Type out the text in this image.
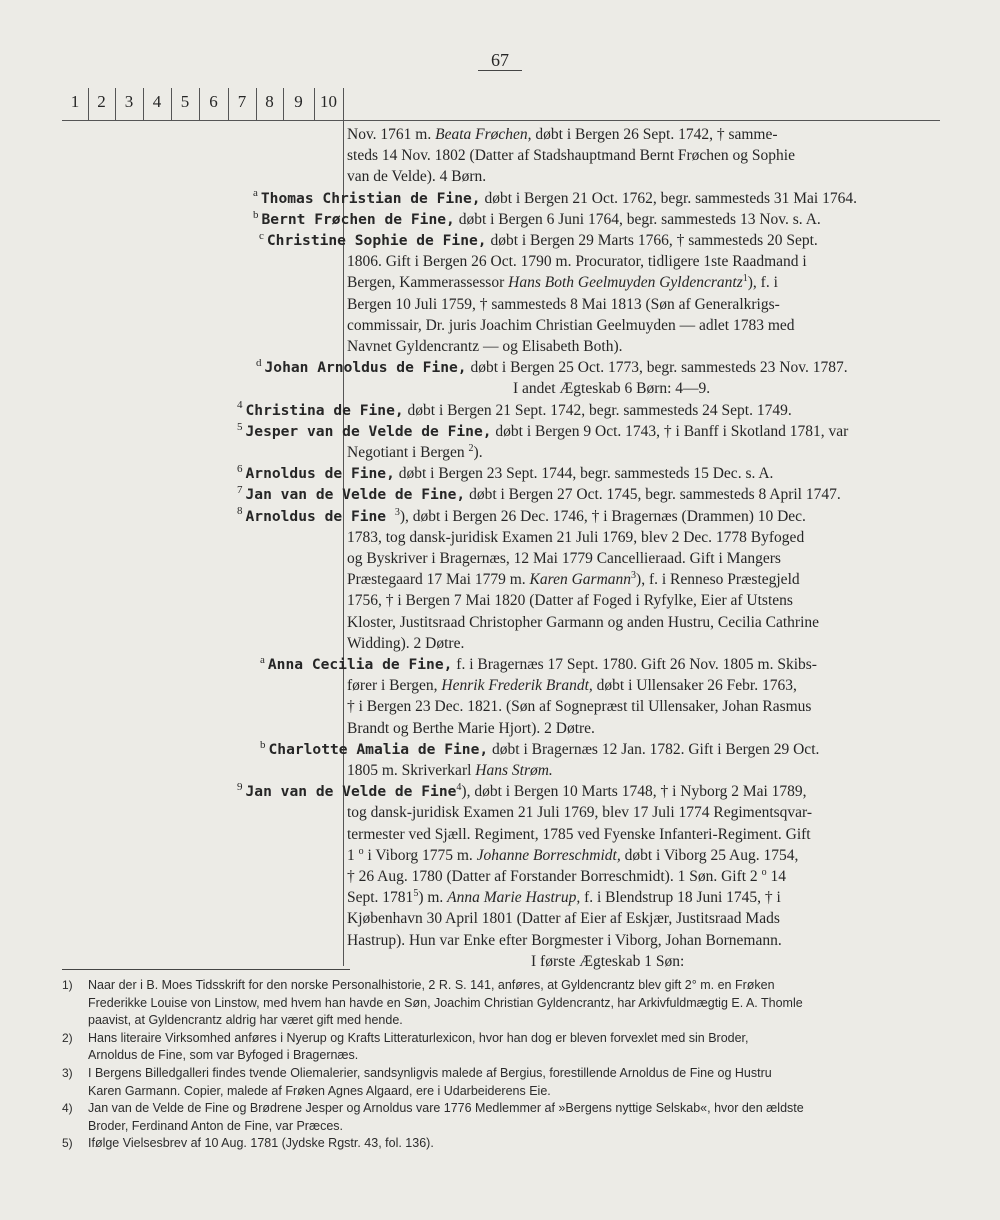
67
1	2	3	4	5	6	7	8	9	10
Nov. 1761 m. Beata Frøchen, døbt i Bergen 26 Sept. 1742, † samme-
steds 14 Nov. 1802 (Datter af Stadshauptmand Bernt Frøchen og Sophie
van de Velde). 4 Børn.
$^a$ Thomas Christian de Fine, døbt i Bergen 21 Oct. 1762, begr. sammesteds 31 Mai 1764.
$^b$ Bernt Frøchen de Fine, døbt i Bergen 6 Juni 1764, begr. sammesteds 13 Nov. s. A.
$^c$ Christine Sophie de Fine, døbt i Bergen 29 Marts 1766, † sammesteds 20 Sept.
1806. Gift i Bergen 26 Oct. 1790 m. Procurator, tidligere 1ste Raadmand i
Bergen, Kammerassessor Hans Both Geelmuyden Gyldencrantz$^1$), f. i
Bergen 10 Juli 1759, † sammesteds 8 Mai 1813 (Søn af Generalkrigs-
commissair, Dr. juris Joachim Christian Geelmuyden — adlet 1783 med
Navnet Gyldencrantz — og Elisabeth Both).
$^d$ Johan Arnoldus de Fine, døbt i Bergen 25 Oct. 1773, begr. sammesteds 23 Nov. 1787.
I andet Ægteskab 6 Børn: 4—9.
$^4$ Christina de Fine, døbt i Bergen 21 Sept. 1742, begr. sammesteds 24 Sept. 1749.
$^5$ Jesper van de Velde de Fine, døbt i Bergen 9 Oct. 1743, † i Banff i Skotland 1781, var
Negotiant i Bergen $^2$).
$^6$ Arnoldus de Fine, døbt i Bergen 23 Sept. 1744, begr. sammesteds 15 Dec. s. A.
$^7$ Jan van de Velde de Fine, døbt i Bergen 27 Oct. 1745, begr. sammesteds 8 April 1747.
$^8$ Arnoldus de Fine $^3$), døbt i Bergen 26 Dec. 1746, † i Bragernæs (Drammen) 10 Dec.
1783, tog dansk-juridisk Examen 21 Juli 1769, blev 2 Dec. 1778 Byfoged
og Byskriver i Bragernæs, 12 Mai 1779 Cancellieraad. Gift i Mangers
Præstegaard 17 Mai 1779 m. Karen Garmann$^3$), f. i Renneso Præstegjeld
1756, † i Bergen 7 Mai 1820 (Datter af Foged i Ryfylke, Eier af Utstens
Kloster, Justitsraad Christopher Garmann og anden Hustru, Cecilia Cathrine
Widding). 2 Døtre.
$^a$ Anna Cecilia de Fine, f. i Bragernæs 17 Sept. 1780. Gift 26 Nov. 1805 m. Skibs-
fører i Bergen, Henrik Frederik Brandt, døbt i Ullensaker 26 Febr. 1763,
† i Bergen 23 Dec. 1821. (Søn af Sognepræst til Ullensaker, Johan Rasmus
Brandt og Berthe Marie Hjort). 2 Døtre.
$^b$ Charlotte Amalia de Fine, døbt i Bragernæs 12 Jan. 1782. Gift i Bergen 29 Oct.
1805 m. Skriverkarl Hans Strøm.
$^9$ Jan van de Velde de Fine$^4$), døbt i Bergen 10 Marts 1748, † i Nyborg 2 Mai 1789,
tog dansk-juridisk Examen 21 Juli 1769, blev 17 Juli 1774 Regimentsqvar-
termester ved Sjæll. Regiment, 1785 ved Fyenske Infanteri-Regiment. Gift
1 $^o$ i Viborg 1775 m. Johanne Borreschmidt, døbt i Viborg 25 Aug. 1754,
† 26 Aug. 1780 (Datter af Forstander Borreschmidt). 1 Søn. Gift 2 $^o$ 14
Sept. 1781$^5$) m. Anna Marie Hastrup, f. i Blendstrup 18 Juni 1745, † i
Kjøbenhavn 30 April 1801 (Datter af Eier af Eskjær, Justitsraad Mads
Hastrup). Hun var Enke efter Borgmester i Viborg, Johan Bornemann.
I første Ægteskab 1 Søn:
1) Naar der i B. Moes Tidsskrift for den norske Personalhistorie, 2 R. S. 141, anføres, at Gyldencrantz blev gift 2° m. en Frøken
Frederikke Louise von Linstow, med hvem han havde en Søn, Joachim Christian Gyldencrantz, har Arkivfuldmægtig E. A. Thomle
paavist, at Gyldencrantz aldrig har været gift med hende.
2) Hans literaire Virksomhed anføres i Nyerup og Krafts Litteraturlexicon, hvor han dog er bleven forvexlet med sin Broder,
Arnoldus de Fine, som var Byfoged i Bragernæs.
3) I Bergens Billedgalleri findes tvende Oliemalerier, sandsynligvis malede af Bergius, forestillende Arnoldus de Fine og Hustru
Karen Garmann. Copier, malede af Frøken Agnes Algaard, ere i Udarbeiderens Eie.
4) Jan van de Velde de Fine og Brødrene Jesper og Arnoldus vare 1776 Medlemmer af »Bergens nyttige Selskab«, hvor den ældste
Broder, Ferdinand Anton de Fine, var Præces.
5) Ifølge Vielsesbrev af 10 Aug. 1781 (Jydske Rgstr. 43, fol. 136).
